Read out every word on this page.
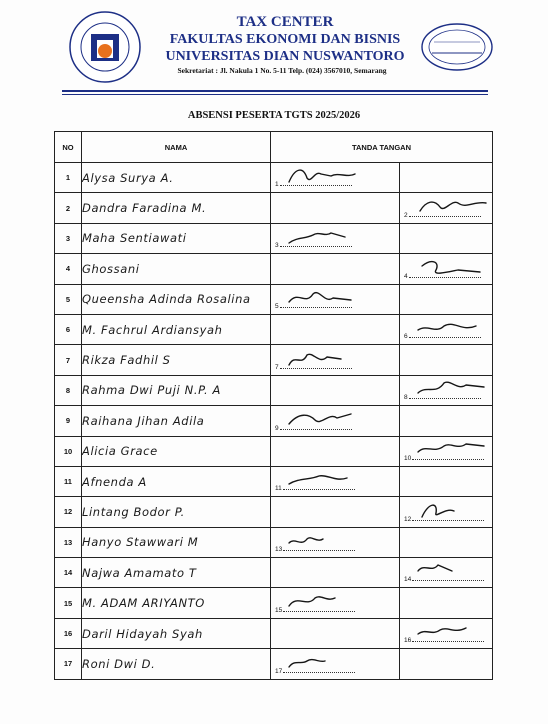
TAX CENTER
FAKULTAS EKONOMI DAN BISNIS
UNIVERSITAS DIAN NUSWANTORO
Sekretariat : Jl. Nakula 1 No. 5-11 Telp. (024) 3567010, Semarang
ABSENSI PESERTA TGTS 2025/2026
NO	NAMA	TANDA TANGAN	
1	Alysa Surya A.	1	

2	Dandra Faradina M.		2

3	Maha Sentiawati	3	

4	Ghossani		4

5	Queensha Adinda Rosalina	5	

6	M. Fachrul Ardiansyah		6

7	Rikza Fadhil S	7	

8	Rahma Dwi Puji N.P. A		8

9	Raihana Jihan Adila	9	

10	Alicia Grace		10

11	Afnenda A	11	

12	Lintang Bodor P.		12

13	Hanyo Stawwari M	13	

14	Najwa Amamato T		14

15	M. ADAM ARIYANTO	15	

16	Daril Hidayah Syah		16

17	Roni Dwi D.	17	
